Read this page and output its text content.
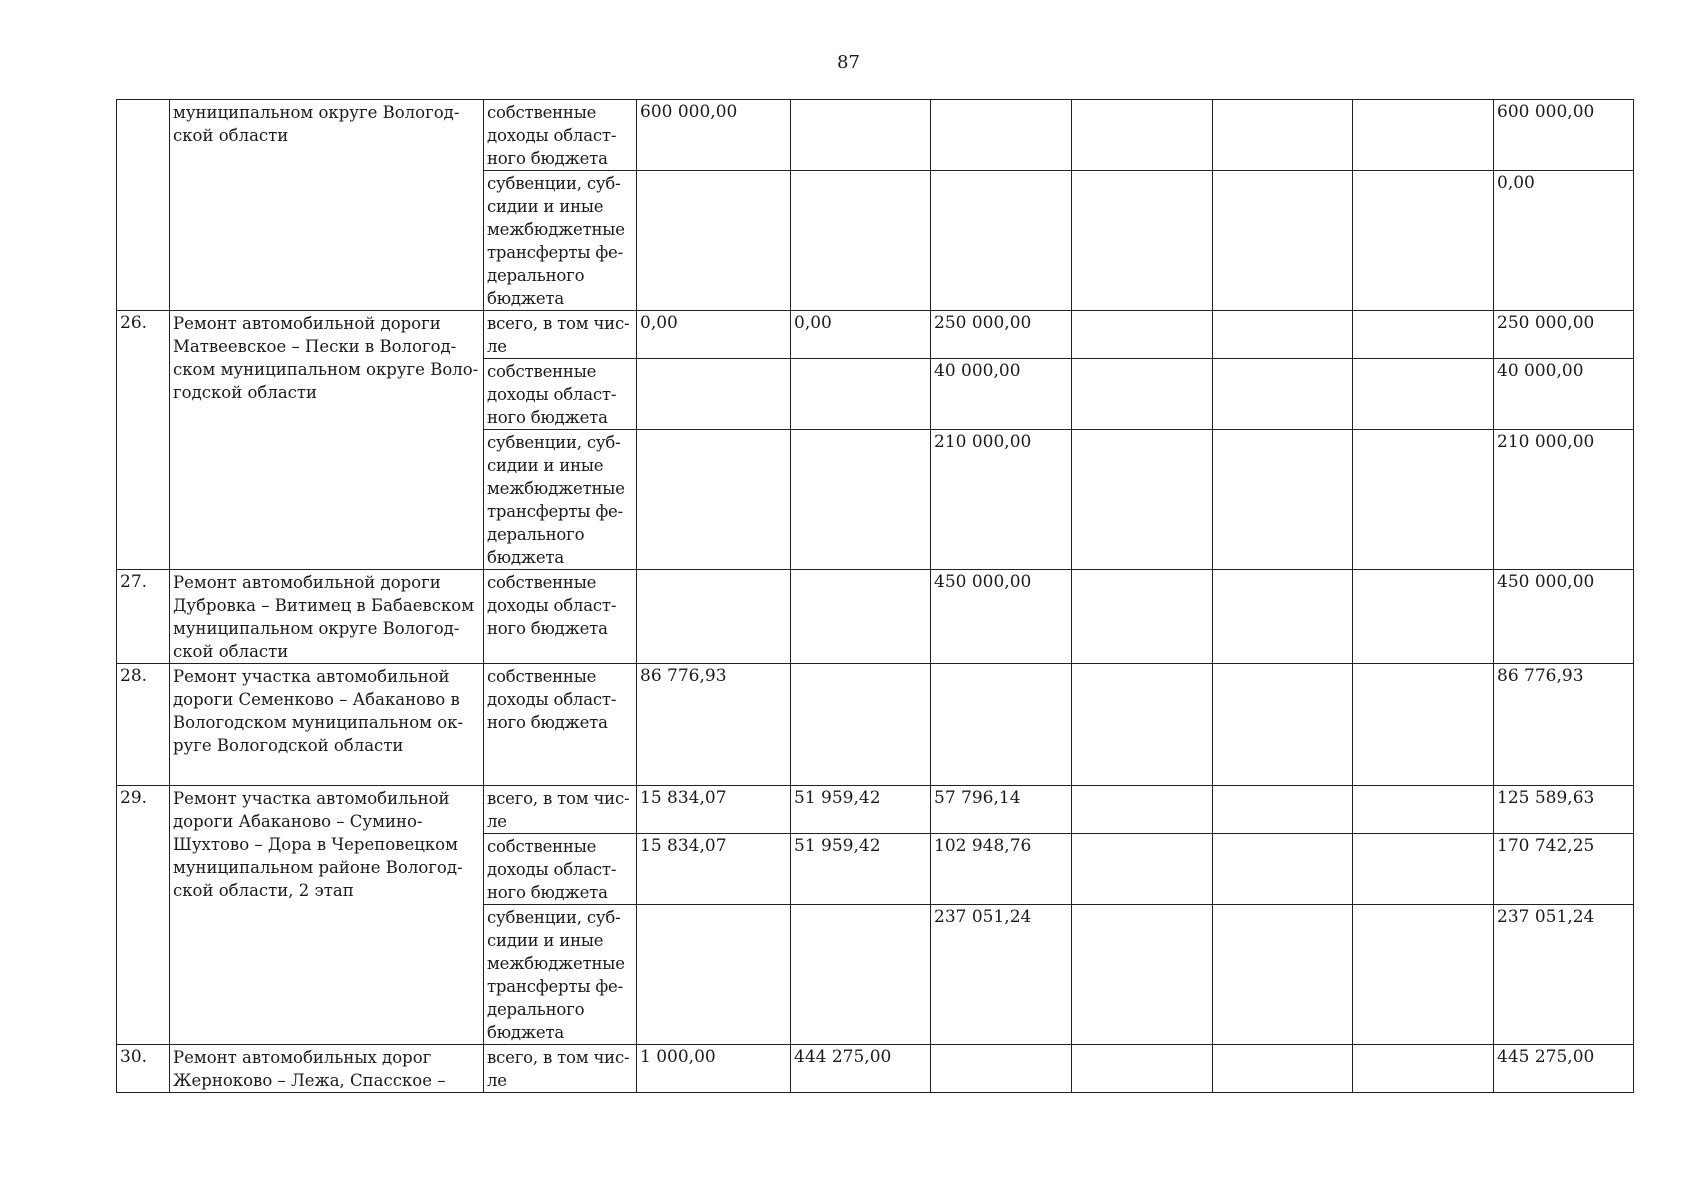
87
	муниципальном округе Вологод-ской области	собственные доходы област-ного бюджета	600 000,00						600 000,00
		субвенции, суб-сидии и иные межбюджетные трансферты фе-дерального бюджета							0,00
26.	Ремонт автомобильной дороги Матвеевское – Пески в Вологод-ском муниципальном округе Воло-годской области	всего, в том чис-ле	0,00	0,00	250 000,00				250 000,00
		собственные доходы област-ного бюджета			40 000,00				40 000,00
		субвенции, суб-сидии и иные межбюджетные трансферты фе-дерального бюджета			210 000,00				210 000,00
27.	Ремонт автомобильной дороги Дубровка – Витимец в Бабаевском муниципальном округе Вологод-ской области	собственные доходы област-ного бюджета			450 000,00				450 000,00
28.	Ремонт участка автомобильной дороги Семенково – Абаканово в Вологодском муниципальном ок-руге Вологодской области	собственные доходы област-ного бюджета	86 776,93						86 776,93
29.	Ремонт участка автомобильной дороги Абаканово – Сумино-Шухтово – Дора в Череповецком муниципальном районе Вологод-ской области, 2 этап	всего, в том чис-ле	15 834,07	51 959,42	57 796,14				125 589,63
		собственные доходы област-ного бюджета	15 834,07	51 959,42	102 948,76				170 742,25
		субвенции, суб-сидии и иные межбюджетные трансферты фе-дерального бюджета			237 051,24				237 051,24
30.	Ремонт автомобильных дорог Жерноково – Лежа, Спасское –	всего, в том чис-ле	1 000,00	444 275,00					445 275,00
